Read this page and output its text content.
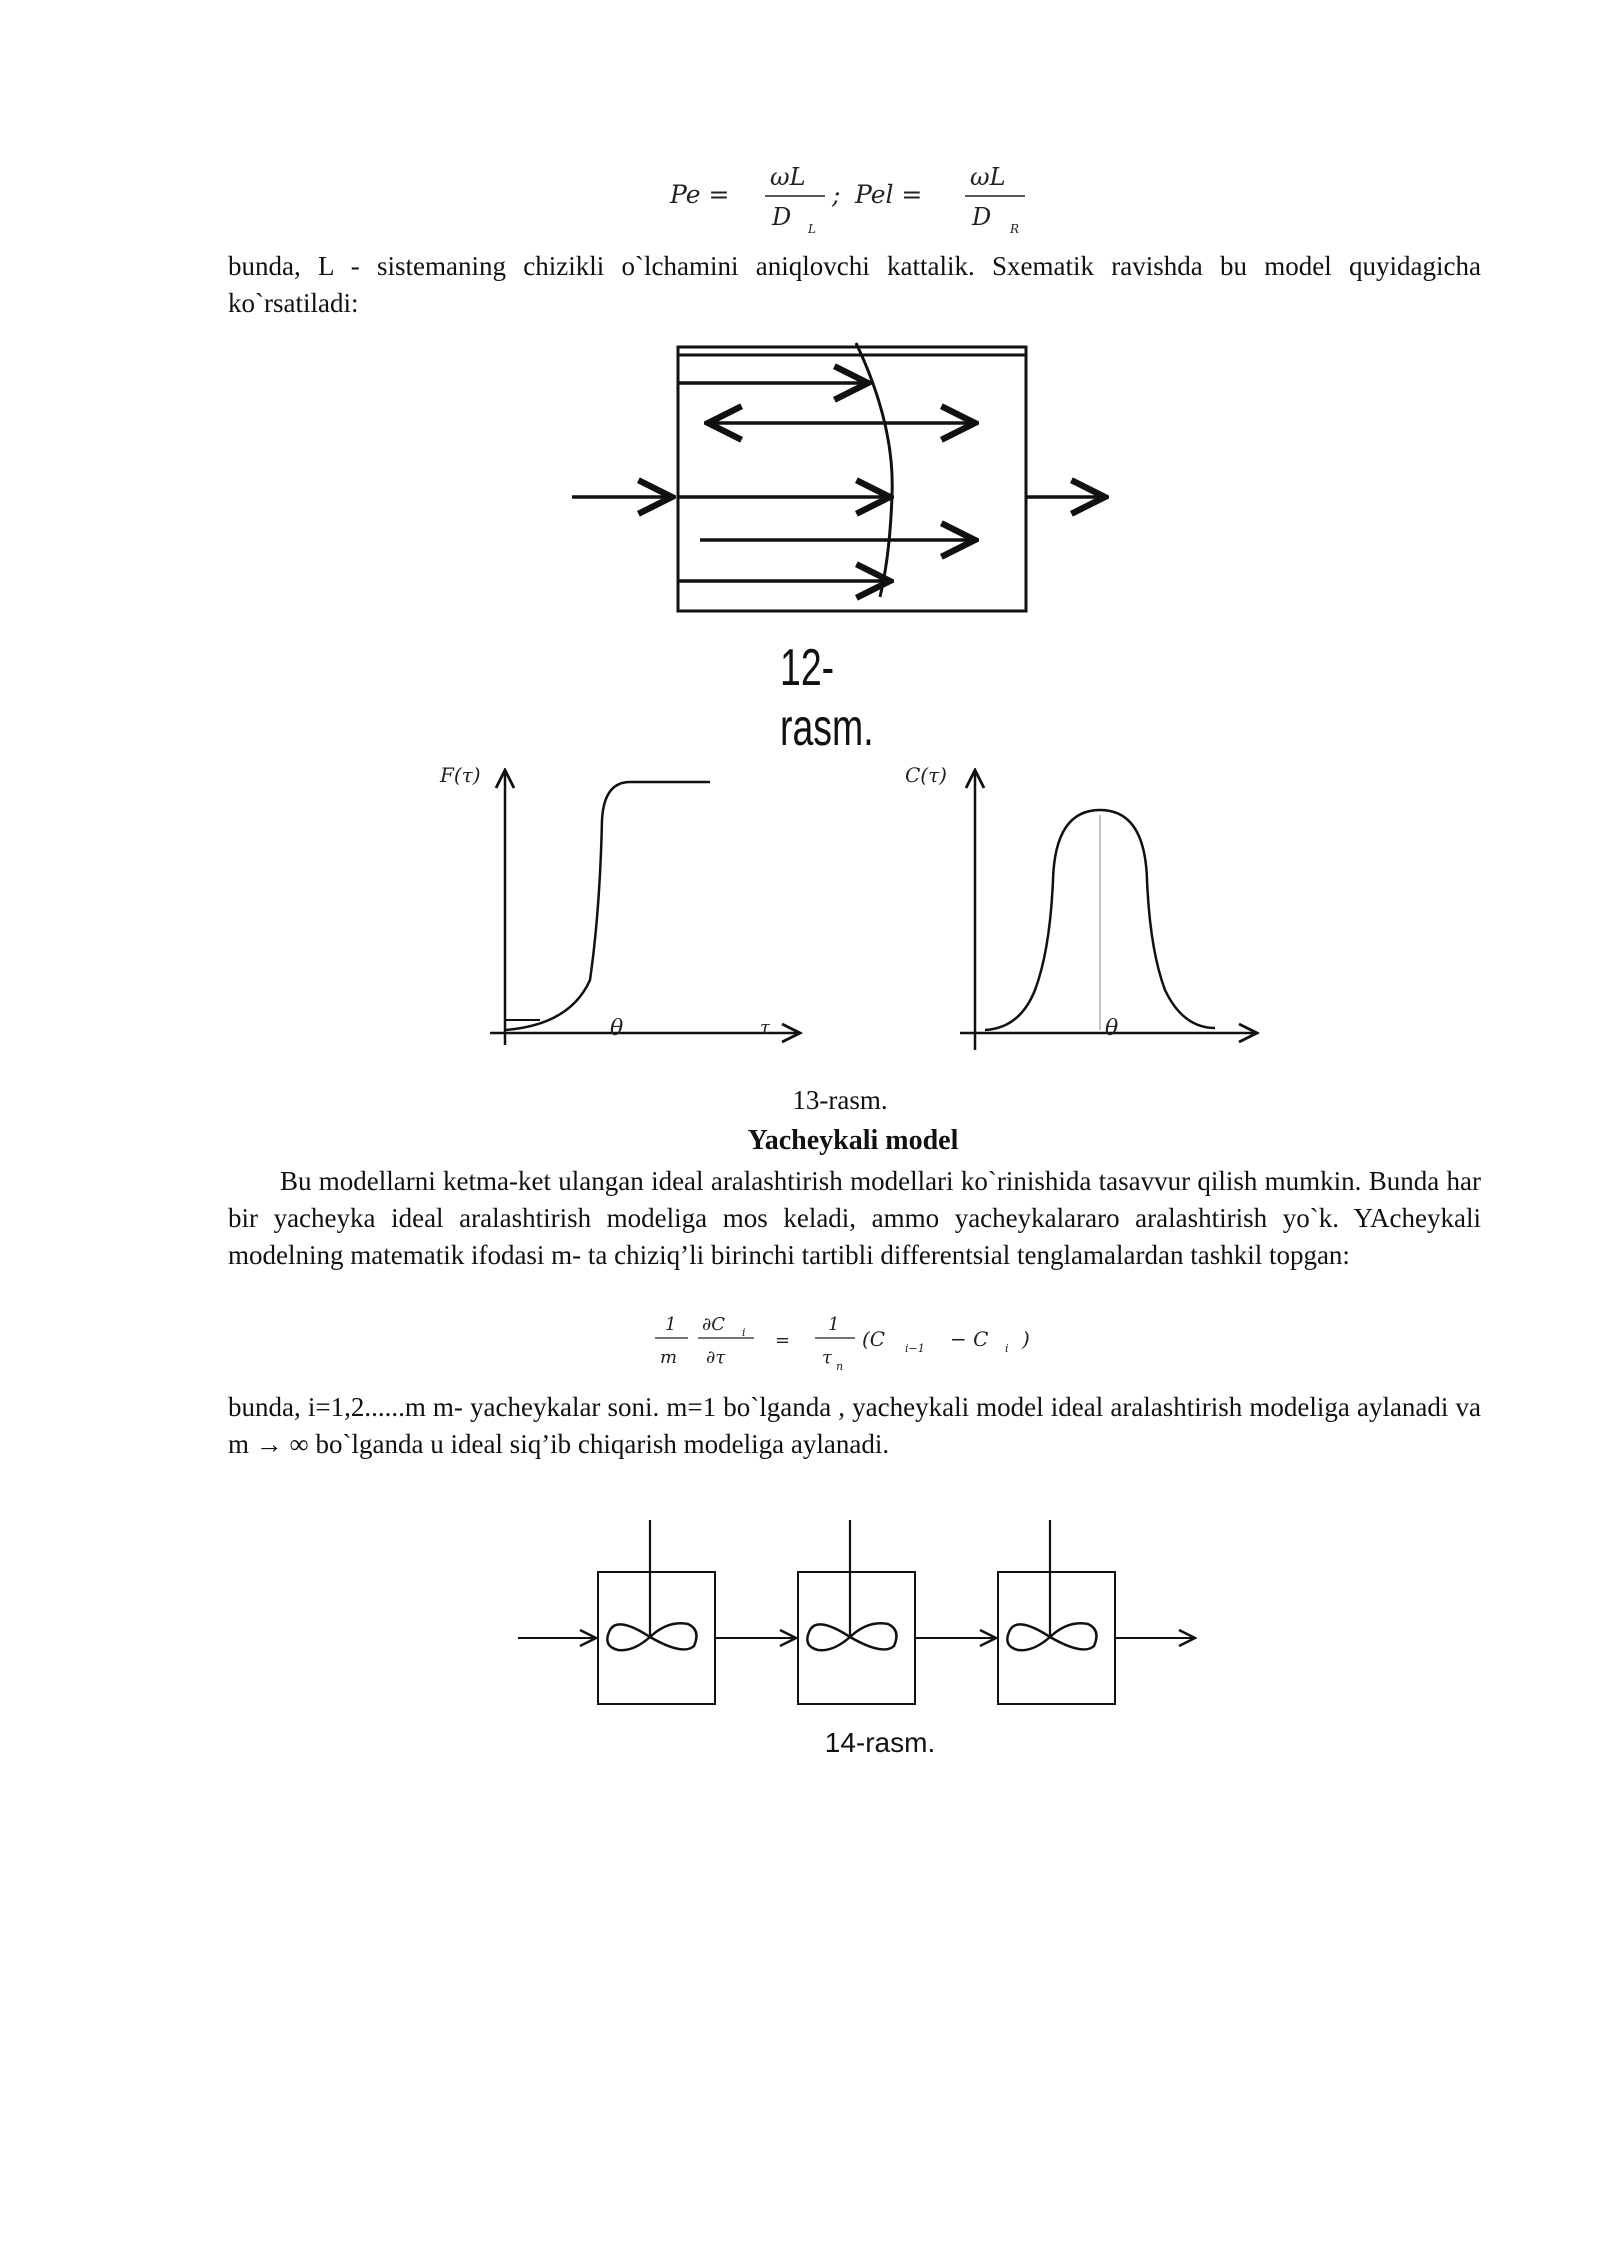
Pe =
ωL
D L
; Pel =
ωL
D R

bunda, L - sistemaning chizikli o`lchamini aniqlovchi kattalik. Sxematik ravishda bu model quyidagicha ko`rsatiladi:

12-rasm.
F(τ)
θ	τ
C(τ)
θ	τ
13-rasm.
Yacheykali model

Bu modellarni ketma-ket ulangan ideal aralashtirish modellari ko`rinishida tasavvur qilish mumkin. Bunda har bir yacheyka ideal aralashtirish modeliga mos keladi, ammo yacheykalararo aralashtirish yo`k. YAcheykali modelning matematik ifodasi m- ta chiziq’li birinchi tartibli differentsial tenglamalardan tashkil topgan:

1
m
∂C i
∂τ
=
1
τ n
(C i−1 − C i )

bunda, i=1,2......m m- yacheykalar soni. m=1 bo`lganda , yacheykali model ideal aralashtirish modeliga aylanadi va m → ∞ bo`lganda u ideal siq’ib chiqarish modeliga aylanadi.

14-rasm.
